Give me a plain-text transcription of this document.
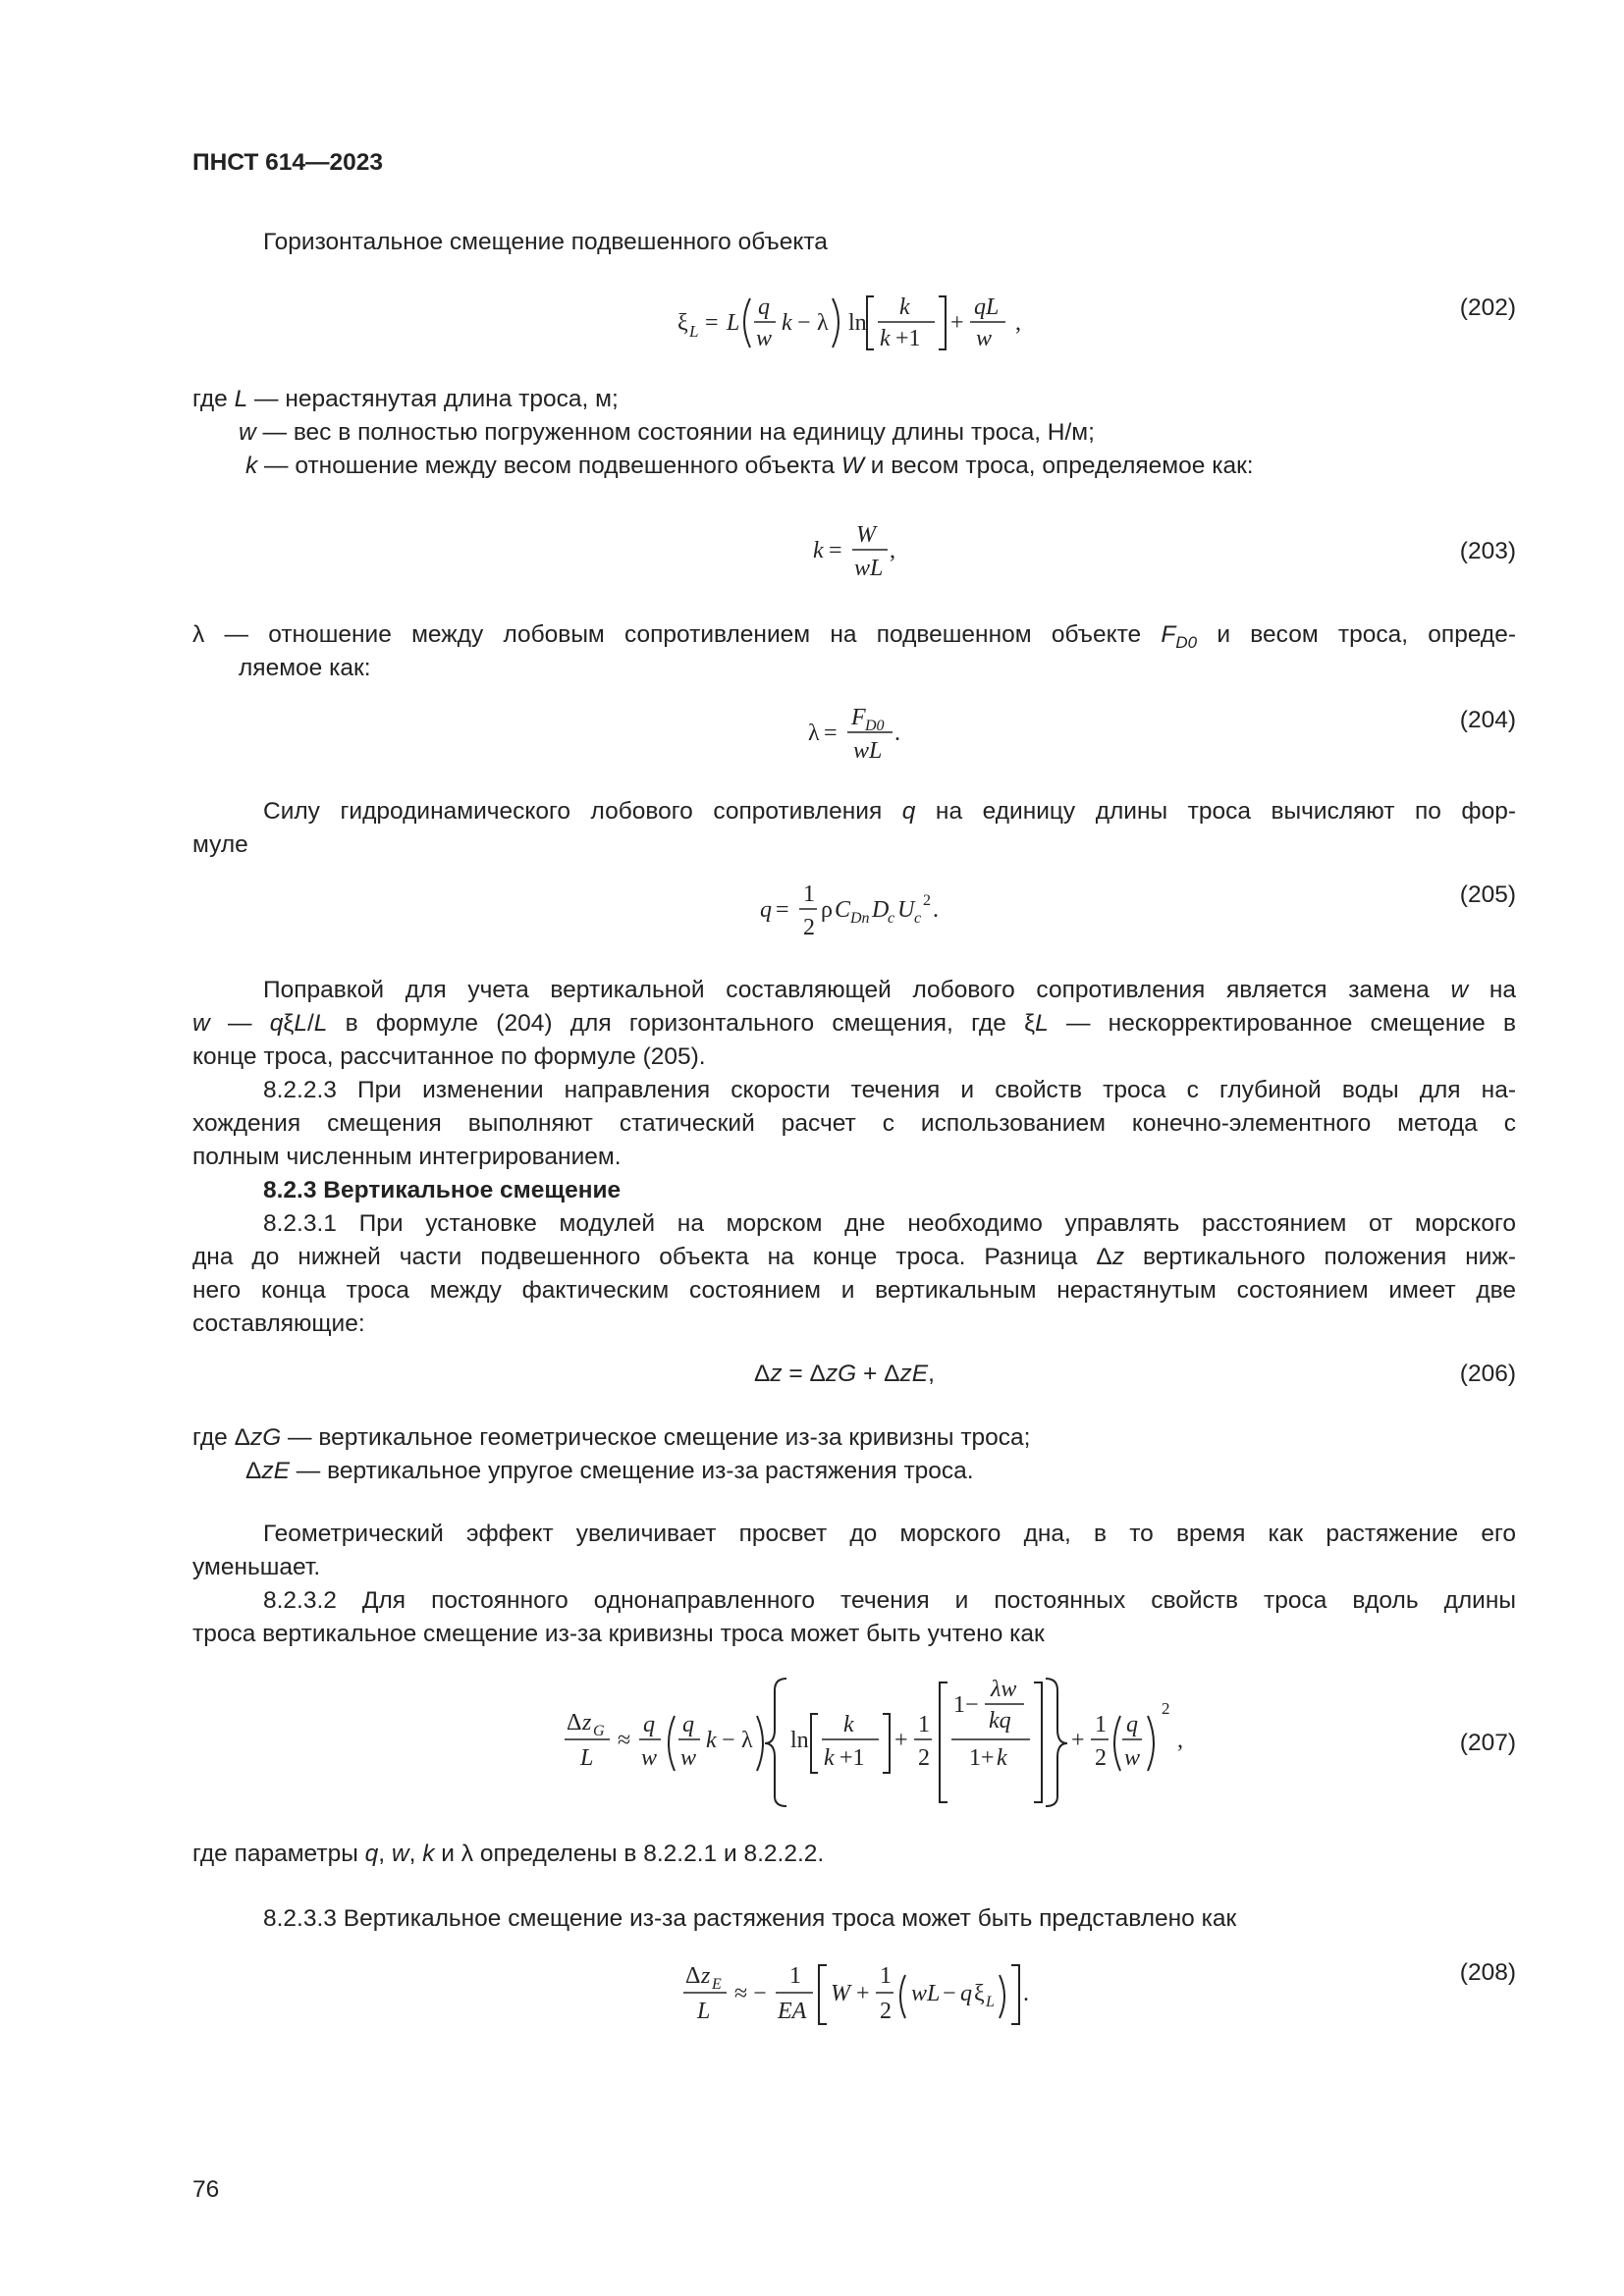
ПНСТ 614—2023
Горизонтальное смещение подвешенного объекта
ξ L = L
q
w
k − λ ln
k
k +1
+
qL
w
,
(202)
где L — нерастянутая длина троса, м;
w — вес в полностью погруженном состоянии на единицу длины троса, Н/м;
k — отношение между весом подвешенного объекта W и весом троса, определяемое как:
k =
W
wL
,	(203)
λ — отношение между лобовым сопротивлением на подвешенном объекте $F_{D0}$ и весом троса, опреде-
ляемое как:
λ =
F D0
wL
.	(204)
Силу гидродинамического лобового сопротивления q на единицу длины троса вычисляют по фор-
муле
q =
1
2
ρ C Dn D
c U c
2 .
(205)
Поправкой для учета вертикальной составляющей лобового сопротивления является замена w на
w — qξL/L в формуле (204) для горизонтального смещения, где ξL — нескорректированное смещение в
конце троса, рассчитанное по формуле (205).
8.2.2.3 При изменении направления скорости течения и свойств троса с глубиной воды для на-
хождения смещения выполняют статический расчет с использованием конечно-элементного метода с
полным численным интегрированием.
8.2.3 Вертикальное смещение
8.2.3.1 При установке модулей на морском дне необходимо управлять расстоянием от морского
дна до нижней части подвешенного объекта на конце троса. Разница Δz вертикального положения ниж-
него конца троса между фактическим состоянием и вертикальным нерастянутым состоянием имеет две
составляющие:
Δz = ΔzG + ΔzE,	(206)
где ΔzG — вертикальное геометрическое смещение из-за кривизны троса;
ΔzE — вертикальное упругое смещение из-за растяжения троса.
Геометрический эффект увеличивает просвет до морского дна, в то время как растяжение его
уменьшает.
8.2.3.2 Для постоянного однонаправленного течения и постоянных свойств троса вдоль длины
троса вертикальное смещение из-за кривизны троса может быть учтено как
Δ z G
L
≈
q
w
q
w
k − λ ln
k
k +1
+
1
2
1−
λw
kq
1+ k
+
1
2
q
w
2
,	(207)
где параметры q, w, k и λ определены в 8.2.2.1 и 8.2.2.2.
8.2.3.3 Вертикальное смещение из-за растяжения троса может быть представлено как
Δ z E
L
≈ −
1
EA
W +
1
2
wL − q ξ L .
(208)
76
